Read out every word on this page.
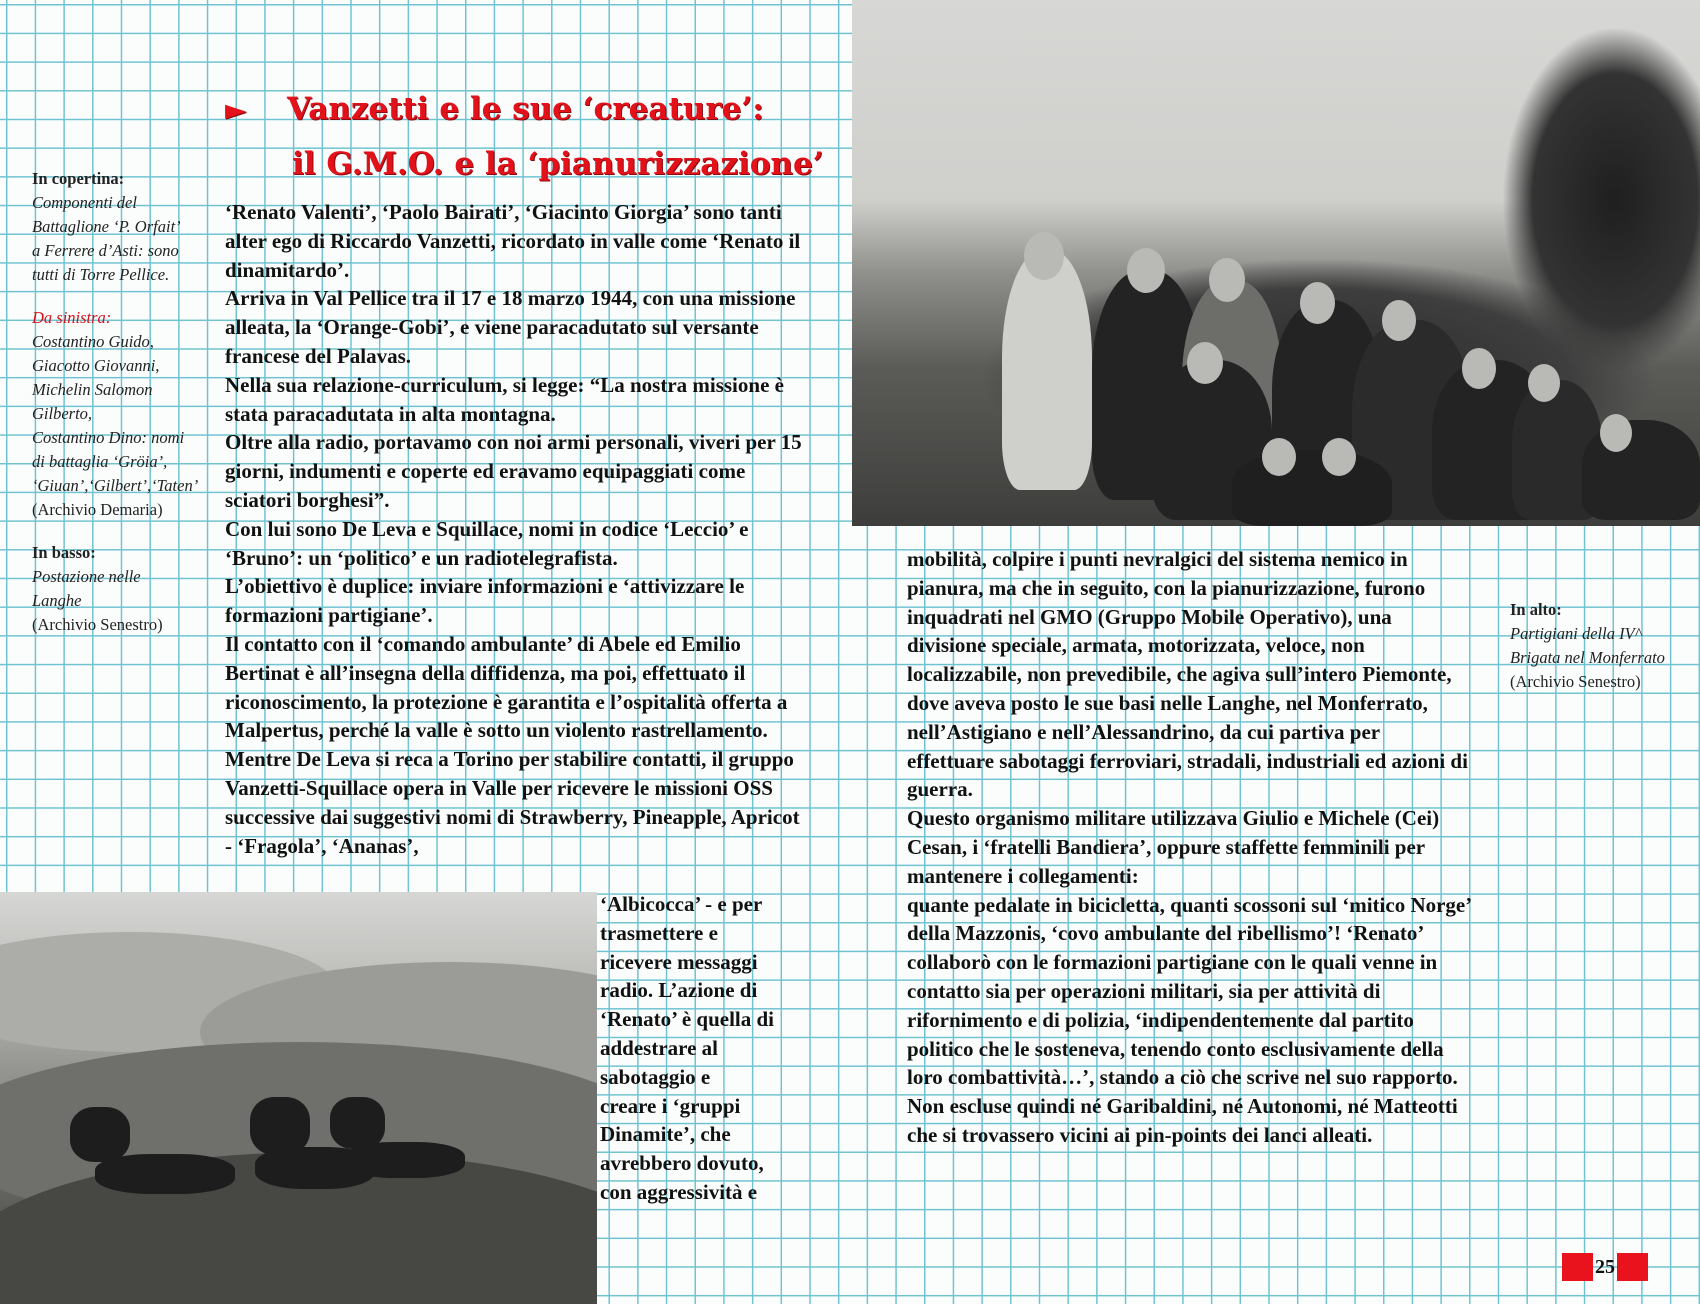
► Vanzetti e le sue ‘creature’:
il G.M.O. e la ‘pianurizzazione’
In copertina:
Componenti del
Battaglione ‘P. Orfait’
a Ferrere d’Asti: sono
tutti di Torre Pellice.
Da sinistra:
Costantino Guido,
Giacotto Giovanni,
Michelin Salomon
Gilberto,
Costantino Dino: nomi
di battaglia ‘Gröia’,
‘Giuan’,‘Gilbert’,‘Taten’
(Archivio Demaria)
In basso:
Postazione nelle
Langhe
(Archivio Senestro)
‘Renato Valenti’, ‘Paolo Bairati’, ‘Giacinto Giorgia’ sono tanti alter ego di Riccardo Vanzetti, ricordato in valle come ‘Renato il dinamitardo’.
Arriva in Val Pellice tra il 17 e 18 marzo 1944, con una missione alleata, la ‘Orange-Gobi’, e viene paracadutato sul versante francese del Palavas.
Nella sua relazione-curriculum, si legge: “La nostra missione è stata paracadutata in alta montagna.
Oltre alla radio, portavamo con noi armi personali, viveri per 15 giorni, indumenti e coperte ed eravamo equipaggiati come sciatori borghesi”.
Con lui sono De Leva e Squillace, nomi in codice ‘Leccio’ e ‘Bruno’: un ‘politico’ e un radiotelegrafista.
L’obiettivo è duplice: inviare informazioni e ‘attivizzare le formazioni partigiane’.
Il contatto con il ‘comando ambulante’ di Abele ed Emilio Bertinat è all’insegna della diffidenza, ma poi, effettuato il riconoscimento, la protezione è garantita e l’ospitalità offerta a Malpertus, perché la valle è sotto un violento rastrellamento.
Mentre De Leva si reca a Torino per stabilire contatti, il gruppo Vanzetti-Squillace opera in Valle per ricevere le missioni OSS successive dai suggestivi nomi di Strawberry, Pineapple, Apricot - ‘Fragola’, ‘Ananas’,
‘Albicocca’ - e per
trasmettere e
ricevere messaggi
radio. L’azione di
‘Renato’ è quella di
addestrare al
sabotaggio e
creare i ‘gruppi
Dinamite’, che
avrebbero dovuto,
con aggressività e
mobilità, colpire i punti nevralgici del sistema nemico in pianura, ma che in seguito, con la pianurizzazione, furono inquadrati nel GMO (Gruppo Mobile Operativo), una divisione speciale, armata, motorizzata, veloce, non localizzabile, non prevedibile, che agiva sull’intero Piemonte, dove aveva posto le sue basi nelle Langhe, nel Monferrato, nell’Astigiano e nell’Alessandrino, da cui partiva per effettuare sabotaggi ferroviari, stradali, industriali ed azioni di guerra.
Questo organismo militare utilizzava Giulio e Michele (Cei) Cesan, i ‘fratelli Bandiera’, oppure staffette femminili per mantenere i collegamenti:
quante pedalate in bicicletta, quanti scossoni sul ‘mitico Norge’ della Mazzonis, ‘covo ambulante del ribellismo’! ‘Renato’ collaborò con le formazioni partigiane con le quali venne in contatto sia per operazioni militari, sia per attività di rifornimento e di polizia, ‘indipendentemente dal partito politico che le sosteneva, tenendo conto esclusivamente della loro combattività…’, stando a ciò che scrive nel suo rapporto. Non escluse quindi né Garibaldini, né Autonomi, né Matteotti che si trovassero vicini ai pin-points dei lanci alleati.
In alto:
Partigiani della IV^
Brigata nel Monferrato
(Archivio Senestro)
25
